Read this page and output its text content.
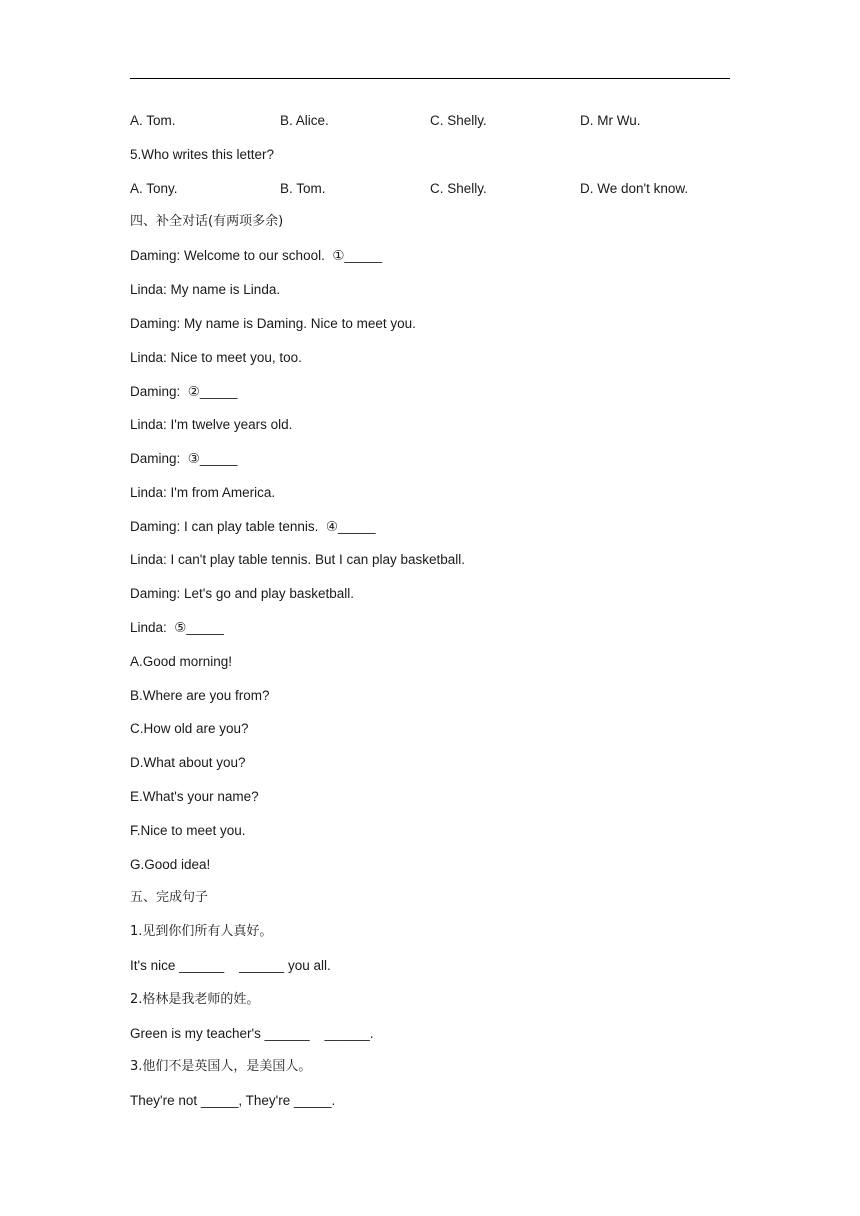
A. Tom.	B. Alice.	C. Shelly.	D. Mr Wu.
5.Who writes this letter?
A. Tony.	B. Tom.	C. Shelly.	D. We don't know.
四、补全对话(有两项多余)
Daming: Welcome to our school.  ①_____
Linda: My name is Linda.
Daming: My name is Daming. Nice to meet you.
Linda: Nice to meet you, too.
Daming:  ②_____
Linda: I'm twelve years old.
Daming:  ③_____
Linda: I'm from America.
Daming: I can play table tennis.  ④_____
Linda: I can't play table tennis. But I can play basketball.
Daming: Let's go and play basketball.
Linda:  ⑤_____
A.Good morning!
B.Where are you from?
C.How old are you?
D.What about you?
E.What's your name?
F.Nice to meet you.
G.Good idea!
五、完成句子
1.见到你们所有人真好。
It's nice ______    ______ you all.
2.格林是我老师的姓。
Green is my teacher's ______    ______.
3.他们不是英国人，是美国人。
They're not _____, They're _____.
